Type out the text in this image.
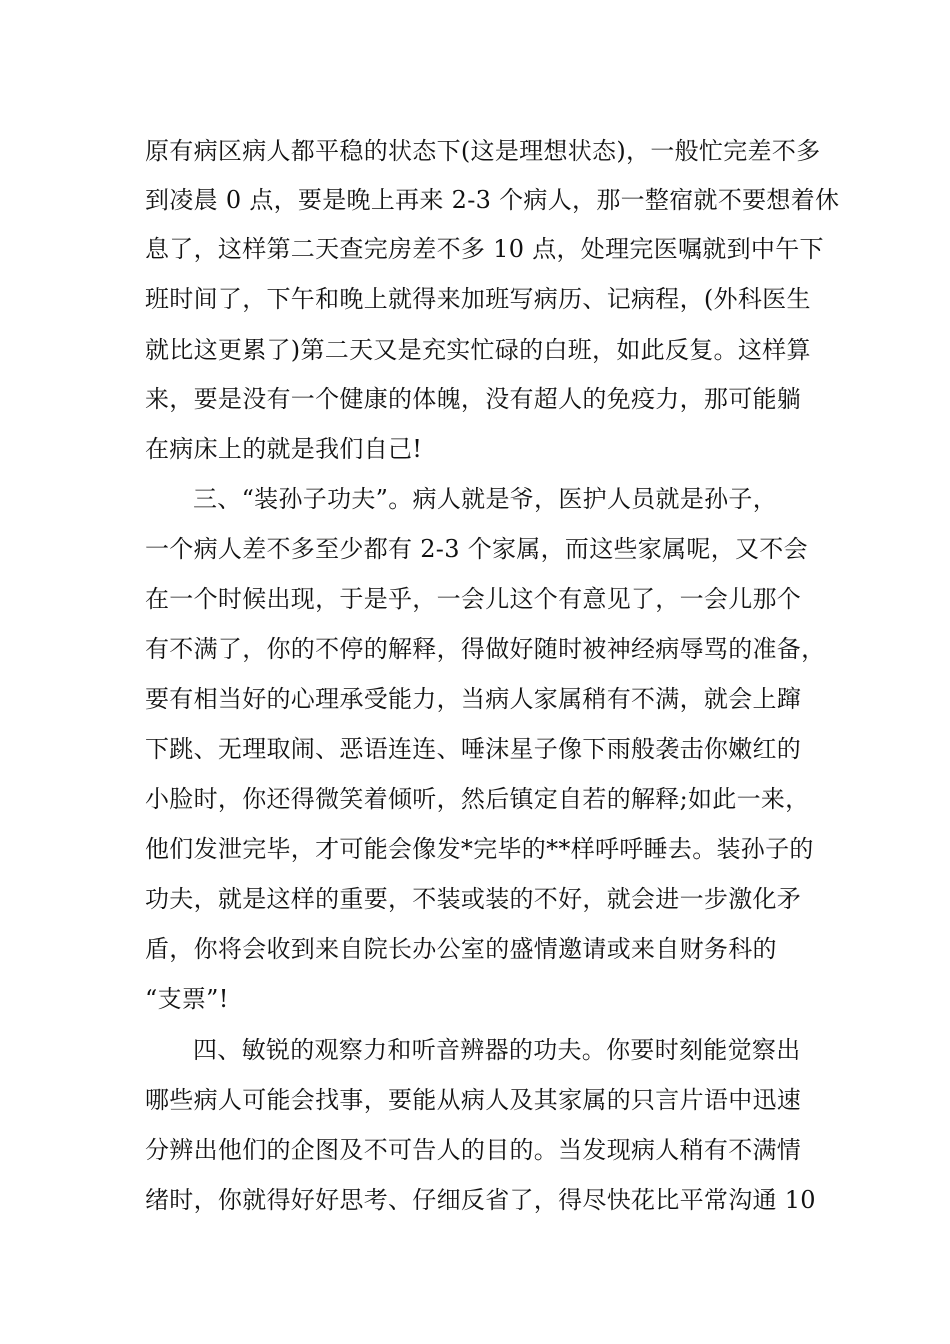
原有病区病人都平稳的状态下(这是理想状态)，一般忙完差不多
到凌晨 0 点，要是晚上再来 2-3 个病人，那一整宿就不要想着休
息了，这样第二天查完房差不多 10 点，处理完医嘱就到中午下
班时间了，下午和晚上就得来加班写病历、记病程，(外科医生
就比这更累了)第二天又是充实忙碌的白班，如此反复。这样算
来，要是没有一个健康的体魄，没有超人的免疫力，那可能躺
在病床上的就是我们自己!
三、“装孙子功夫”。病人就是爷，医护人员就是孙子，
一个病人差不多至少都有 2-3 个家属，而这些家属呢，又不会
在一个时候出现，于是乎，一会儿这个有意见了，一会儿那个
有不满了，你的不停的解释，得做好随时被神经病辱骂的准备，
要有相当好的心理承受能力，当病人家属稍有不满，就会上蹿
下跳、无理取闹、恶语连连、唾沫星子像下雨般袭击你嫩红的
小脸时，你还得微笑着倾听，然后镇定自若的解释;如此一来，
他们发泄完毕，才可能会像发*完毕的**样呼呼睡去。装孙子的
功夫，就是这样的重要，不装或装的不好，就会进一步激化矛
盾，你将会收到来自院长办公室的盛情邀请或来自财务科的
“支票”!
四、敏锐的观察力和听音辨器的功夫。你要时刻能觉察出
哪些病人可能会找事，要能从病人及其家属的只言片语中迅速
分辨出他们的企图及不可告人的目的。当发现病人稍有不满情
绪时，你就得好好思考、仔细反省了，得尽快花比平常沟通 10
